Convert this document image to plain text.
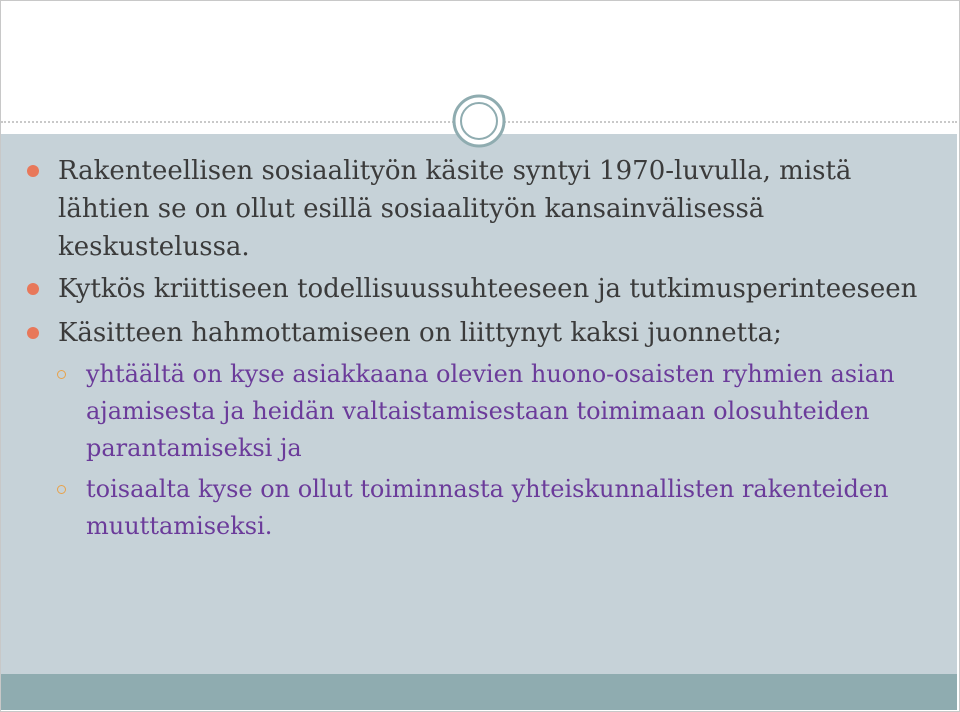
Rakenteellisen sosiaalityön käsite syntyi 1970-luvulla, mistä lähtien se on ollut esillä sosiaalityön kansainvälisessä keskustelussa.
Kytkös kriittiseen todellisuussuhteeseen ja tutkimusperinteeseen
Käsitteen hahmottamiseen on liittynyt kaksi juonnetta;
yhtäältä on kyse asiakkaana olevien huono-osaisten ryhmien asian ajamisesta ja heidän valtaistamisestaan toimimaan olosuhteiden parantamiseksi ja
toisaalta kyse on ollut toiminnasta yhteiskunnallisten rakenteiden muuttamiseksi.
